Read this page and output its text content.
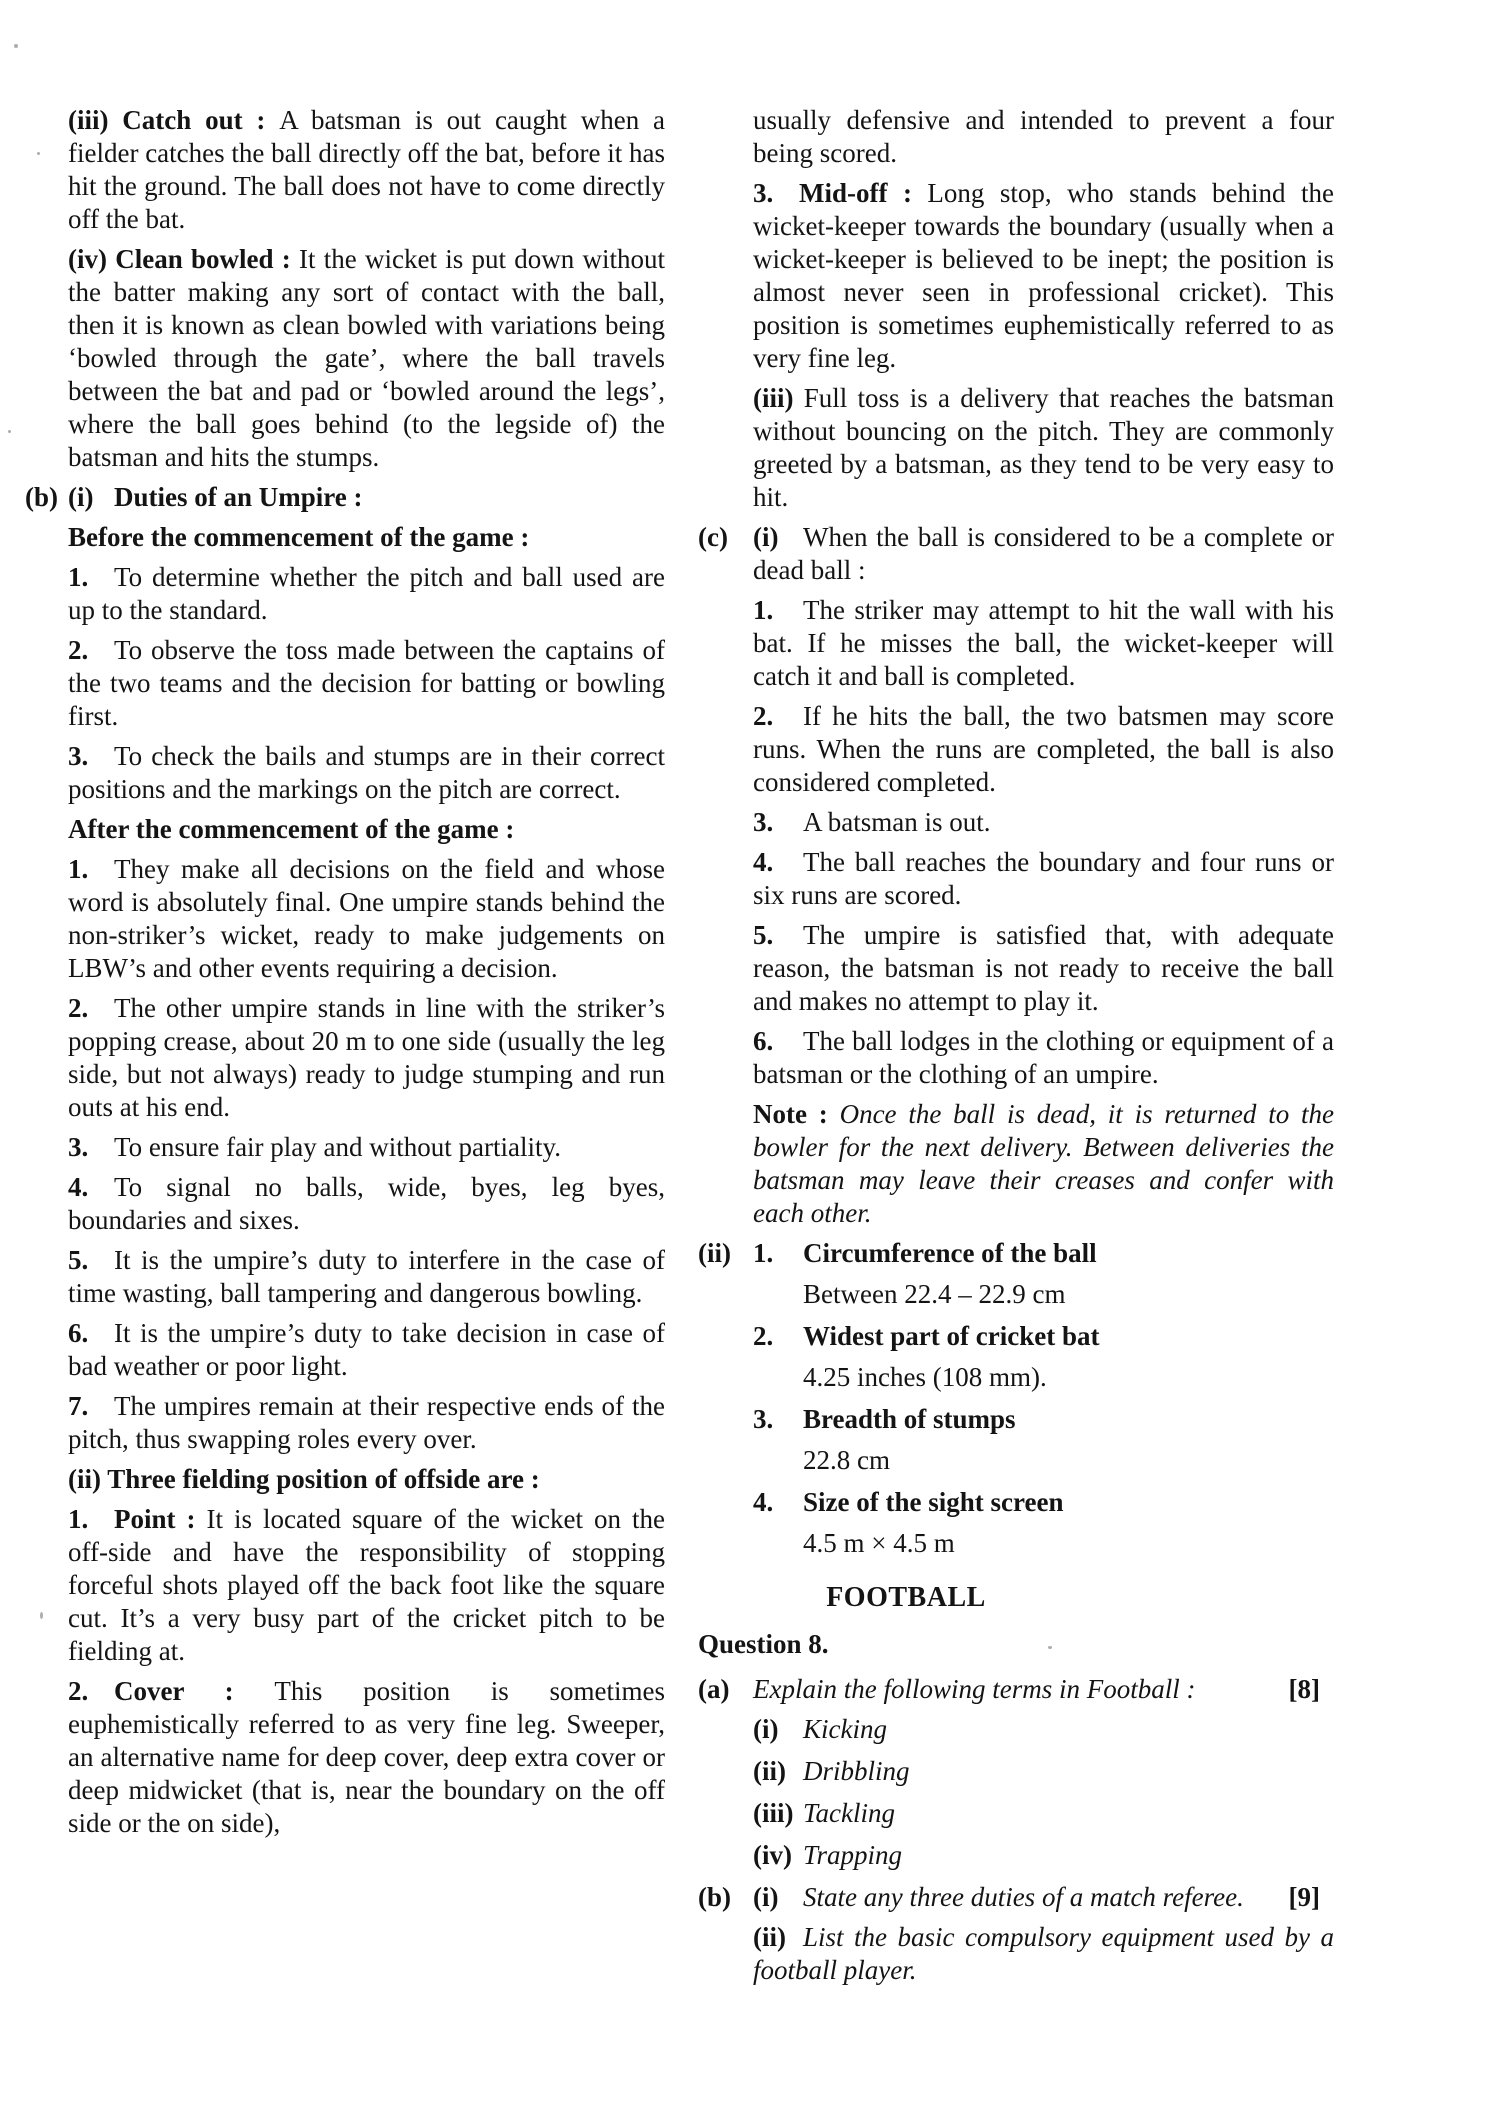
(iii) Catch out : A batsman is out caught when a fielder catches the ball directly off the bat, before it has hit the ground. The ball does not have to come directly off the bat.

(iv) Clean bowled : It the wicket is put down without the batter making any sort of contact with the ball, then it is known as clean bowled with variations being ‘bowled through the gate’, where the ball travels between the bat and pad or ‘bowled around the legs’, where the ball goes behind (to the legside of) the batsman and hits the stumps.

(b) (i) Duties of an Umpire :

Before the commencement of the game :

1. To determine whether the pitch and ball used are up to the standard.

2. To observe the toss made between the captains of the two teams and the decision for batting or bowling first.

3. To check the bails and stumps are in their correct positions and the markings on the pitch are correct.

After the commencement of the game :

1. They make all decisions on the field and whose word is absolutely final. One umpire stands behind the non-striker’s wicket, ready to make judgements on LBW’s and other events requiring a decision.

2. The other umpire stands in line with the striker’s popping crease, about 20 m to one side (usually the leg side, but not always) ready to judge stumping and run outs at his end.

3. To ensure fair play and without partiality.

4. To signal no balls, wide, byes, leg byes, boundaries and sixes.

5. It is the umpire’s duty to interfere in the case of time wasting, ball tampering and dangerous bowling.

6. It is the umpire’s duty to take decision in case of bad weather or poor light.

7. The umpires remain at their respective ends of the pitch, thus swapping roles every over.

(ii) Three fielding position of offside are :

1. Point : It is located square of the wicket on the off-side and have the responsibility of stopping forceful shots played off the back foot like the square cut. It’s a very busy part of the cricket pitch to be fielding at.

2. Cover : This position is sometimes euphemistically referred to as very fine leg. Sweeper, an alternative name for deep cover, deep extra cover or deep midwicket (that is, near the boundary on the off side or the on side),

usually defensive and intended to prevent a four being scored.

3. Mid-off : Long stop, who stands behind the wicket-keeper towards the boundary (usually when a wicket-keeper is believed to be inept; the position is almost never seen in professional cricket). This position is sometimes euphemistically referred to as very fine leg.

(iii) Full toss is a delivery that reaches the batsman without bouncing on the pitch. They are commonly greeted by a batsman, as they tend to be very easy to hit.

(c) (i) When the ball is considered to be a complete or dead ball :

1. The striker may attempt to hit the wall with his bat. If he misses the ball, the wicket-keeper will catch it and ball is completed.

2. If he hits the ball, the two batsmen may score runs. When the runs are completed, the ball is also considered completed.

3. A batsman is out.

4. The ball reaches the boundary and four runs or six runs are scored.

5. The umpire is satisfied that, with adequate reason, the batsman is not ready to receive the ball and makes no attempt to play it.

6. The ball lodges in the clothing or equipment of a batsman or the clothing of an umpire.

Note : Once the ball is dead, it is returned to the bowler for the next delivery. Between deliveries the batsman may leave their creases and confer with each other.

(ii) 1. Circumference of the ball

Between 22.4 – 22.9 cm

2. Widest part of cricket bat

4.25 inches (108 mm).

3. Breadth of stumps

22.8 cm

4. Size of the sight screen

4.5 m × 4.5 m

FOOTBALL

Question 8.

(a) Explain the following terms in Football :	[8]

(i) Kicking

(ii) Dribbling

(iii) Tackling

(iv) Trapping

(b) (i) State any three duties of a match referee.	[9]

(ii) List the basic compulsory equipment used by a football player.
